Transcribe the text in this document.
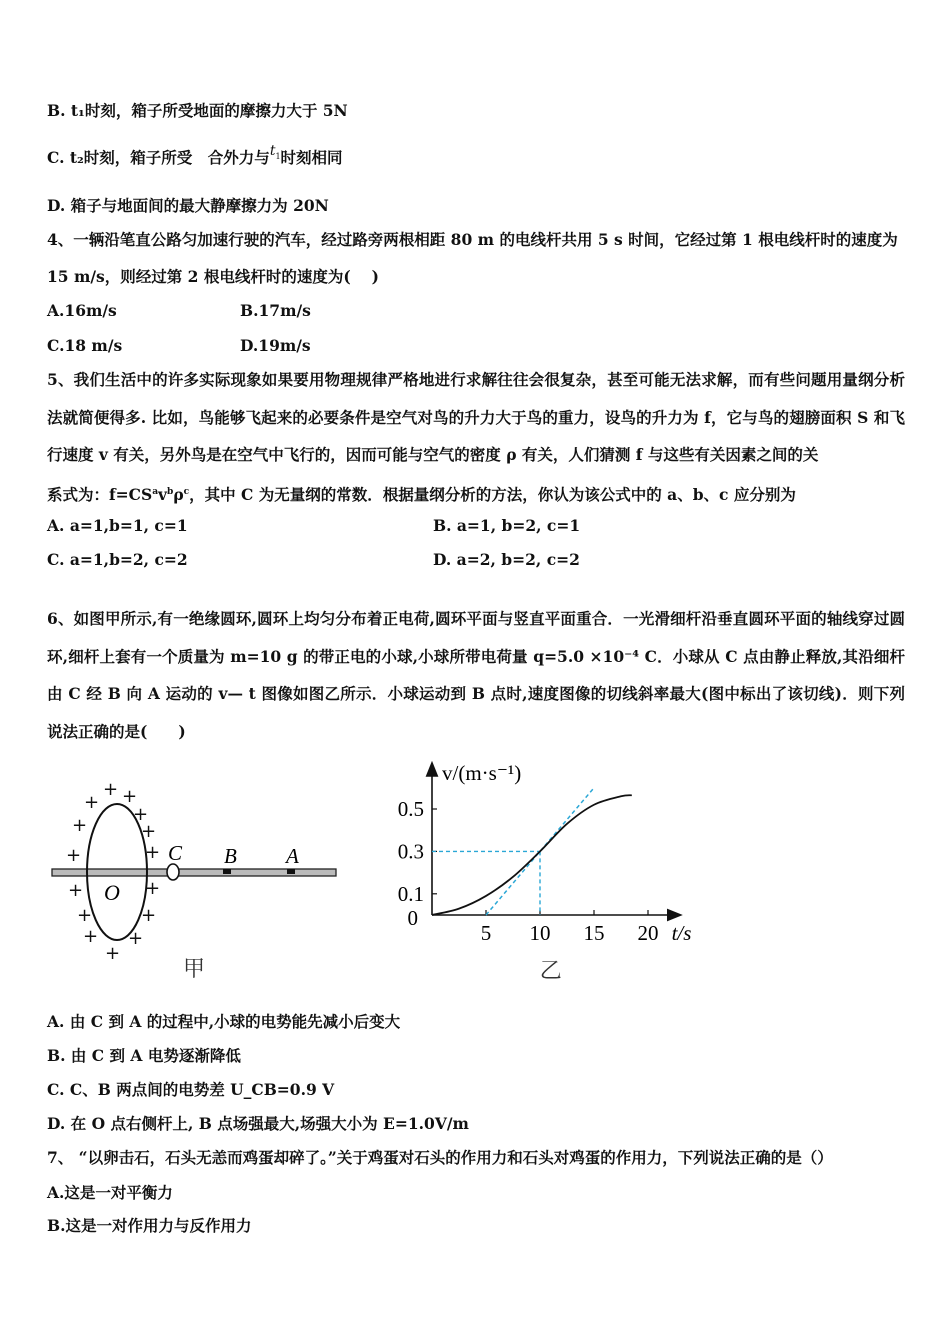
B. t₁时刻，箱子所受地面的摩擦力大于 5N
C. t₂时刻，箱子所受　合外力与$t^1$时刻相同
D. 箱子与地面间的最大静摩擦力为 20N
4、一辆沿笔直公路匀加速行驶的汽车，经过路旁两根相距 80 m 的电线杆共用 5 s 时间，它经过第 1 根电线杆时的速度为
15 m/s，则经过第 2 根电线杆时的速度为(　 )
A.16m/s	B.17m/s
C.18 m/s	D.19m/s
5、我们生活中的许多实际现象如果要用物理规律严格地进行求解往往会很复杂，甚至可能无法求解，而有些问题用量纲分析法就简便得多. 比如，鸟能够飞起来的必要条件是空气对鸟的升力大于鸟的重力，设鸟的升力为 f，它与鸟的翅膀面积 S 和飞行速度 v 有关，另外鸟是在空气中飞行的，因而可能与空气的密度 ρ 有关，人们猜测 f 与这些有关因素之间的关
系式为：$f=CS^av^b\rho^c$，其中 C 为无量纲的常数．根据量纲分析的方法，你认为该公式中的 a、b、c 应分别为
A. a=1,b=1, c=1	B. a=1, b=2, c=1
C. a=1,b=2, c=2	D. a=2, b=2, c=2
6、如图甲所示,有一绝缘圆环,圆环上均匀分布着正电荷,圆环平面与竖直平面重合．一光滑细杆沿垂直圆环平面的轴线穿过圆环,细杆上套有一个质量为 m=10 g 的带正电的小球,小球所带电荷量 q=5.0 ×10⁻⁴ C．小球从 C 点由静止释放,其沿细杆由 C 经 B 向 A 运动的 v— t 图像如图乙所示．小球运动到 B 点时,速度图像的切线斜率最大(图中标出了该切线)．则下列说法正确的是(　　)
C B A
O
+ +
+
+
+	+
+	+
+	+
+	+
+ +
+
甲
5 10 15 20
0.1
0.3
0.5
0
v/(m·s⁻¹)
t/s
乙
A. 由 C 到 A 的过程中,小球的电势能先减小后变大
B. 由 C 到 A 电势逐渐降低
C. C、B 两点间的电势差 U_CB=0.9 V
D. 在 O 点右侧杆上, B 点场强最大,场强大小为 E=1.0V/m
7、 “以卵击石，石头无恙而鸡蛋却碎了。”关于鸡蛋对石头的作用力和石头对鸡蛋的作用力，下列说法正确的是（）
A.这是一对平衡力
B.这是一对作用力与反作用力
